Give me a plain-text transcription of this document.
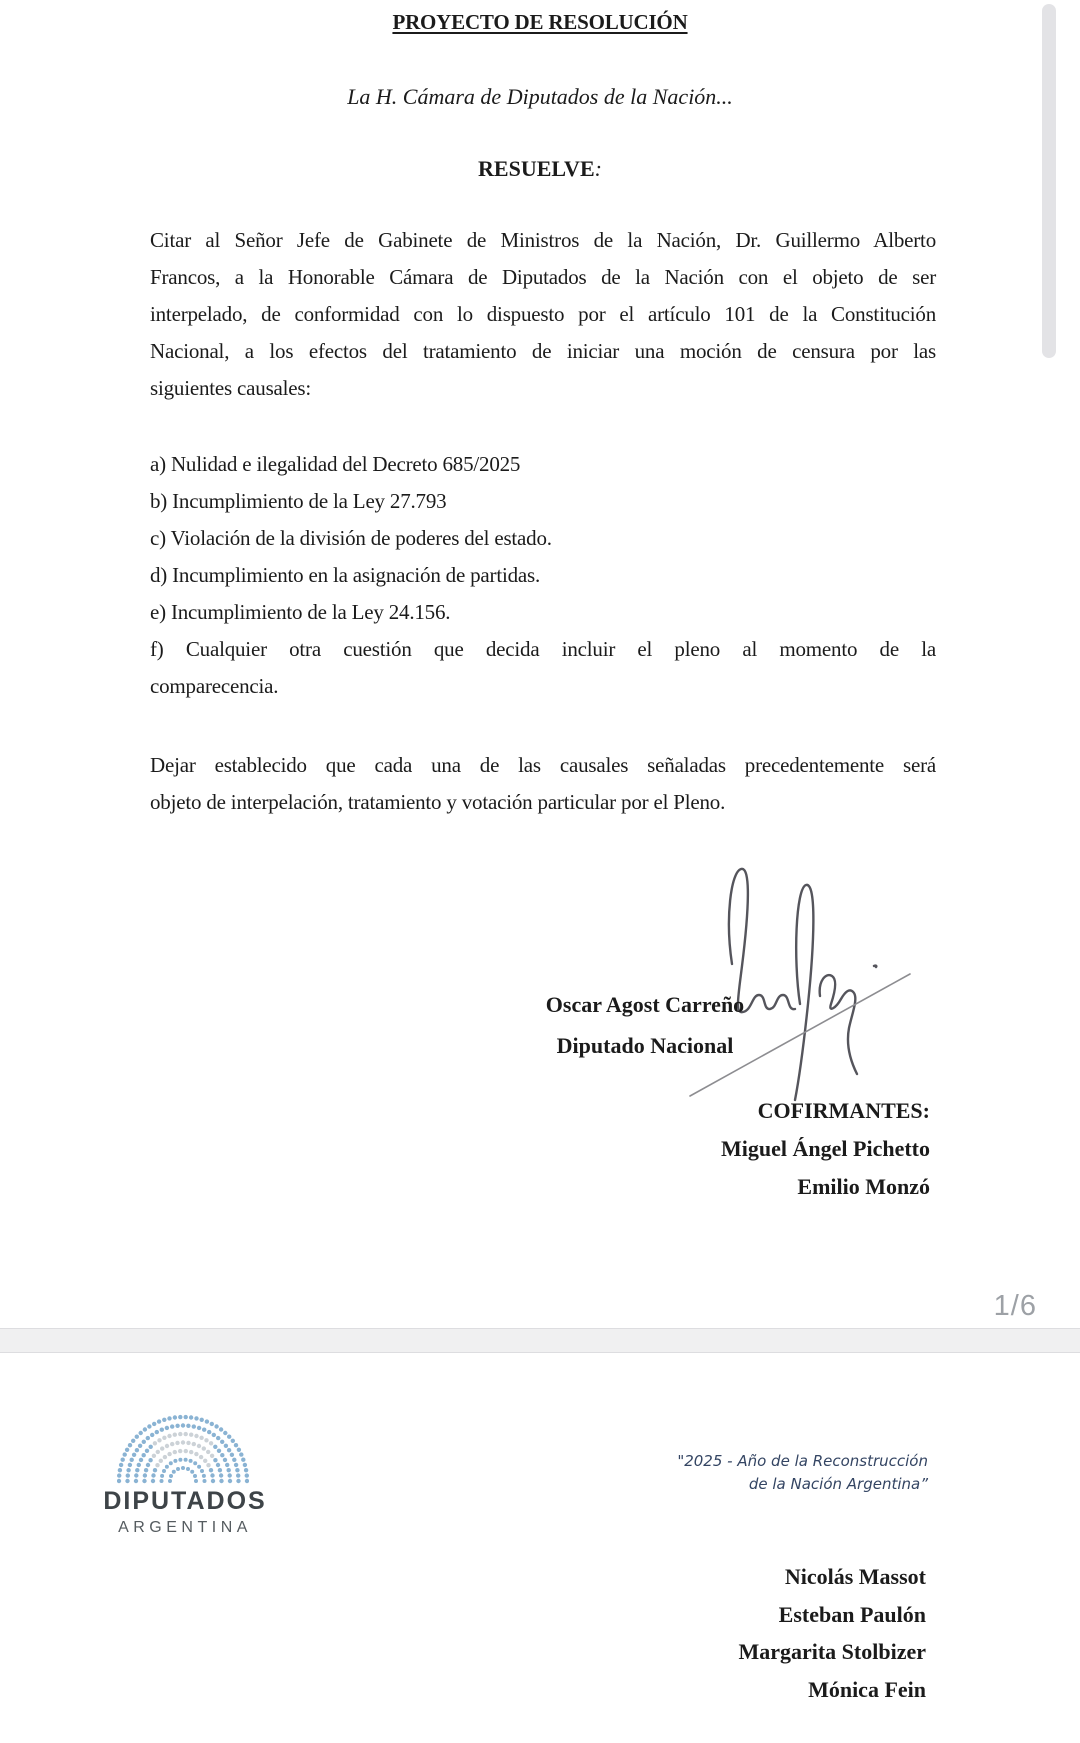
PROYECTO DE RESOLUCIÓN
La H. Cámara de Diputados de la Nación...
RESUELVE:
Citar al Señor Jefe de Gabinete de Ministros de la Nación, Dr. Guillermo Alberto
Francos, a la Honorable Cámara de Diputados de la Nación con el objeto de ser
interpelado, de conformidad con lo dispuesto por el artículo 101 de la Constitución
Nacional, a los efectos del tratamiento de iniciar una moción de censura por las
siguientes causales:
a) Nulidad e ilegalidad del Decreto 685/2025
b) Incumplimiento de la Ley 27.793
c) Violación de la división de poderes del estado.
d) Incumplimiento en la asignación de partidas.
e) Incumplimiento de la Ley 24.156.
f) Cualquier otra cuestión que decida incluir el pleno al momento de la
comparecencia.
Dejar establecido que cada una de las causales señaladas precedentemente será
objeto de interpelación, tratamiento y votación particular por el Pleno.
Oscar Agost Carreño
Diputado Nacional
COFIRMANTES:
Miguel Ángel Pichetto
Emilio Monzó
1/6
DIPUTADOS
ARGENTINA
"2025 - Año de la Reconstrucción
de la Nación Argentina”
Nicolás Massot
Esteban Paulón
Margarita Stolbizer
Mónica Fein
